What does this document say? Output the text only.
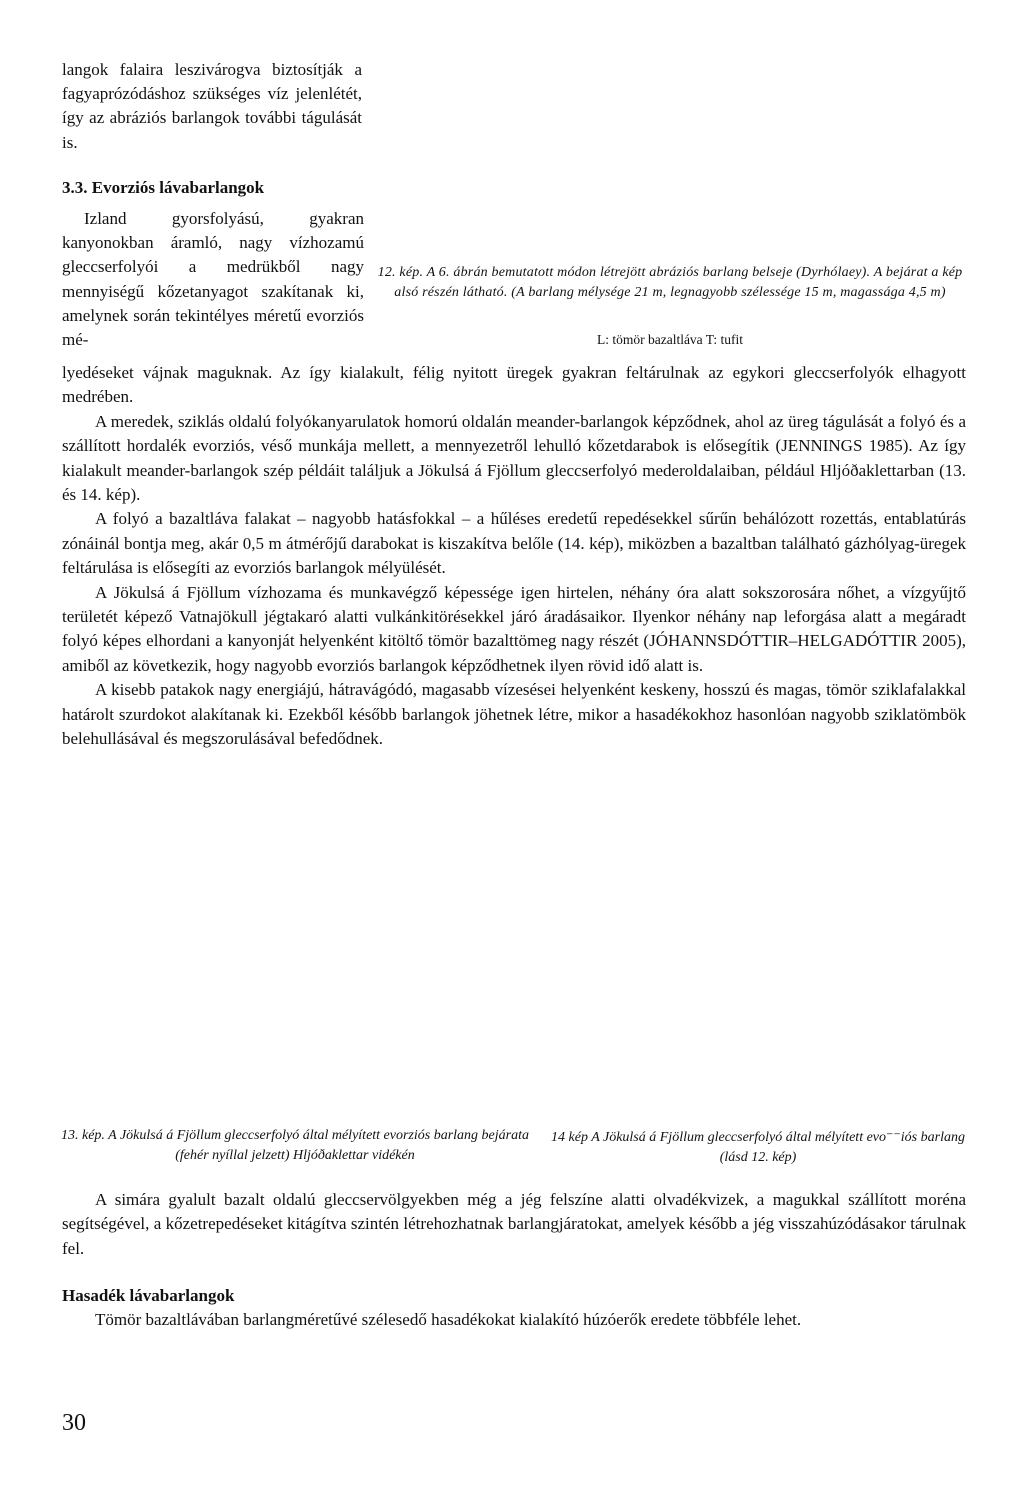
langok falaira leszivárogva biztosítják a fagyaprózódáshoz szükséges víz jelenlétét, így az abráziós barlangok további tágulását is.

3.3. Evorziós lávabarlangok
Izland gyorsfolyású, gyakran kanyonokban áramló, nagy vízhozamú gleccserfolyói a medrükből nagy mennyiségű kőzetanyagot szakítanak ki, amelynek során tekintélyes méretű evorziós mé-
12. kép. A 6. ábrán bemutatott módon létrejött abráziós barlang belseje (Dyrhólaey). A bejárat a kép alsó részén látható. (A barlang mélysége 21 m, legnagyobb szélessége 15 m, magassága 4,5 m)
L: tömör bazaltláva T: tufit

lyedéseket vájnak maguknak. Az így kialakult, félig nyitott üregek gyakran feltárulnak az egykori gleccserfolyók elhagyott medrében.

A meredek, sziklás oldalú folyókanyarulatok homorú oldalán meander-barlangok képződnek, ahol az üreg tágulását a folyó és a szállított hordalék evorziós, véső munkája mellett, a mennyezetről lehulló kőzetdarabok is elősegítik (JENNINGS 1985). Az így kialakult meander-barlangok szép példáit találjuk a Jökulsá á Fjöllum gleccserfolyó mederoldalaiban, például Hljóðaklettarban (13. és 14. kép).

A folyó a bazaltláva falakat – nagyobb hatásfokkal – a hűléses eredetű repedésekkel sűrűn behálózott rozettás, entablatúrás zónáinál bontja meg, akár 0,5 m átmérőjű darabokat is kiszakítva belőle (14. kép), miközben a bazaltban található gázhólyag-üregek feltárulása is elősegíti az evorziós barlangok mélyülését.

A Jökulsá á Fjöllum vízhozama és munkavégző képessége igen hirtelen, néhány óra alatt sokszorosára nőhet, a vízgyűjtő területét képező Vatnajökull jégtakaró alatti vulkánkitörésekkel járó áradásaikor. Ilyenkor néhány nap leforgása alatt a megáradt folyó képes elhordani a kanyonját helyenként kitöltő tömör bazalttömeg nagy részét (JÓHANNSDÓTTIR–HELGADÓTTIR 2005), amiből az következik, hogy nagyobb evorziós barlangok képződhetnek ilyen rövid idő alatt is.

A kisebb patakok nagy energiájú, hátravágódó, magasabb vízesései helyenként keskeny, hosszú és magas, tömör sziklafalakkal határolt szurdokot alakítanak ki. Ezekből később barlangok jöhetnek létre, mikor a hasadékokhoz hasonlóan nagyobb sziklatömbök belehullásával és megszorulásával befedődnek.

13. kép. A Jökulsá á Fjöllum gleccserfolyó által mélyített evorziós barlang bejárata (fehér nyíllal jelzett) Hljóðaklettar vidékén
14 kép A Jökulsá á Fjöllum gleccserfolyó által mélyített evo⁻⁻iós barlang (lásd 12. kép)

A simára gyalult bazalt oldalú gleccservölgyekben még a jég felszíne alatti olvadékvizek, a magukkal szállított moréna segítségével, a kőzetrepedéseket kitágítva szintén létrehozhatnak barlangjáratokat, amelyek később a jég visszahúzódásakor tárulnak fel.

Hasadék lávabarlangok
Tömör bazaltlávában barlangméretűvé szélesedő hasadékokat kialakító húzóerők eredete többféle lehet.
30
